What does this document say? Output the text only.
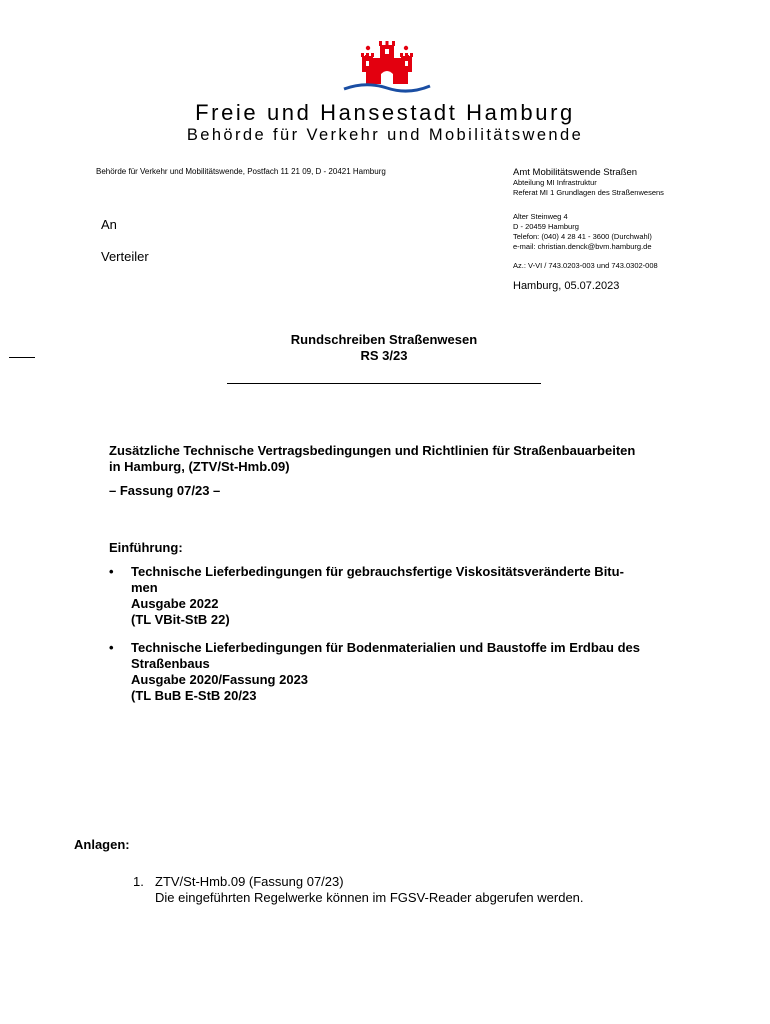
Freie und Hansestadt Hamburg
Behörde für Verkehr und Mobilitätswende
Behörde für Verkehr und Mobilitätswende, Postfach 11 21 09, D - 20421 Hamburg	Amt Mobilitätswende Straßen
Abteilung MI Infrastruktur
Referat MI 1 Grundlagen des Straßenwesens
An
Verteiler
Alter Steinweg 4
D - 20459 Hamburg
Telefon: (040) 4 28 41 - 3600 (Durchwahl)
e-mail: christian.denck@bvm.hamburg.de
Az.: V-VI / 743.0203-003 und 743.0302-008
Hamburg, 05.07.2023
Rundschreiben Straßenwesen
RS 3/23
Zusätzliche Technische Vertragsbedingungen und Richtlinien für Straßenbauarbeiten
in Hamburg, (ZTV/St-Hmb.09)
– Fassung 07/23 –
Einführung:
• Technische Lieferbedingungen für gebrauchsfertige Viskositätsveränderte Bitu-
men
Ausgabe 2022
(TL VBit-StB 22)
• Technische Lieferbedingungen für Bodenmaterialien und Baustoffe im Erdbau des
Straßenbaus
Ausgabe 2020/Fassung 2023
(TL BuB E-StB 20/23
Anlagen:
1. ZTV/St-Hmb.09 (Fassung 07/23)
Die eingeführten Regelwerke können im FGSV-Reader abgerufen werden.
